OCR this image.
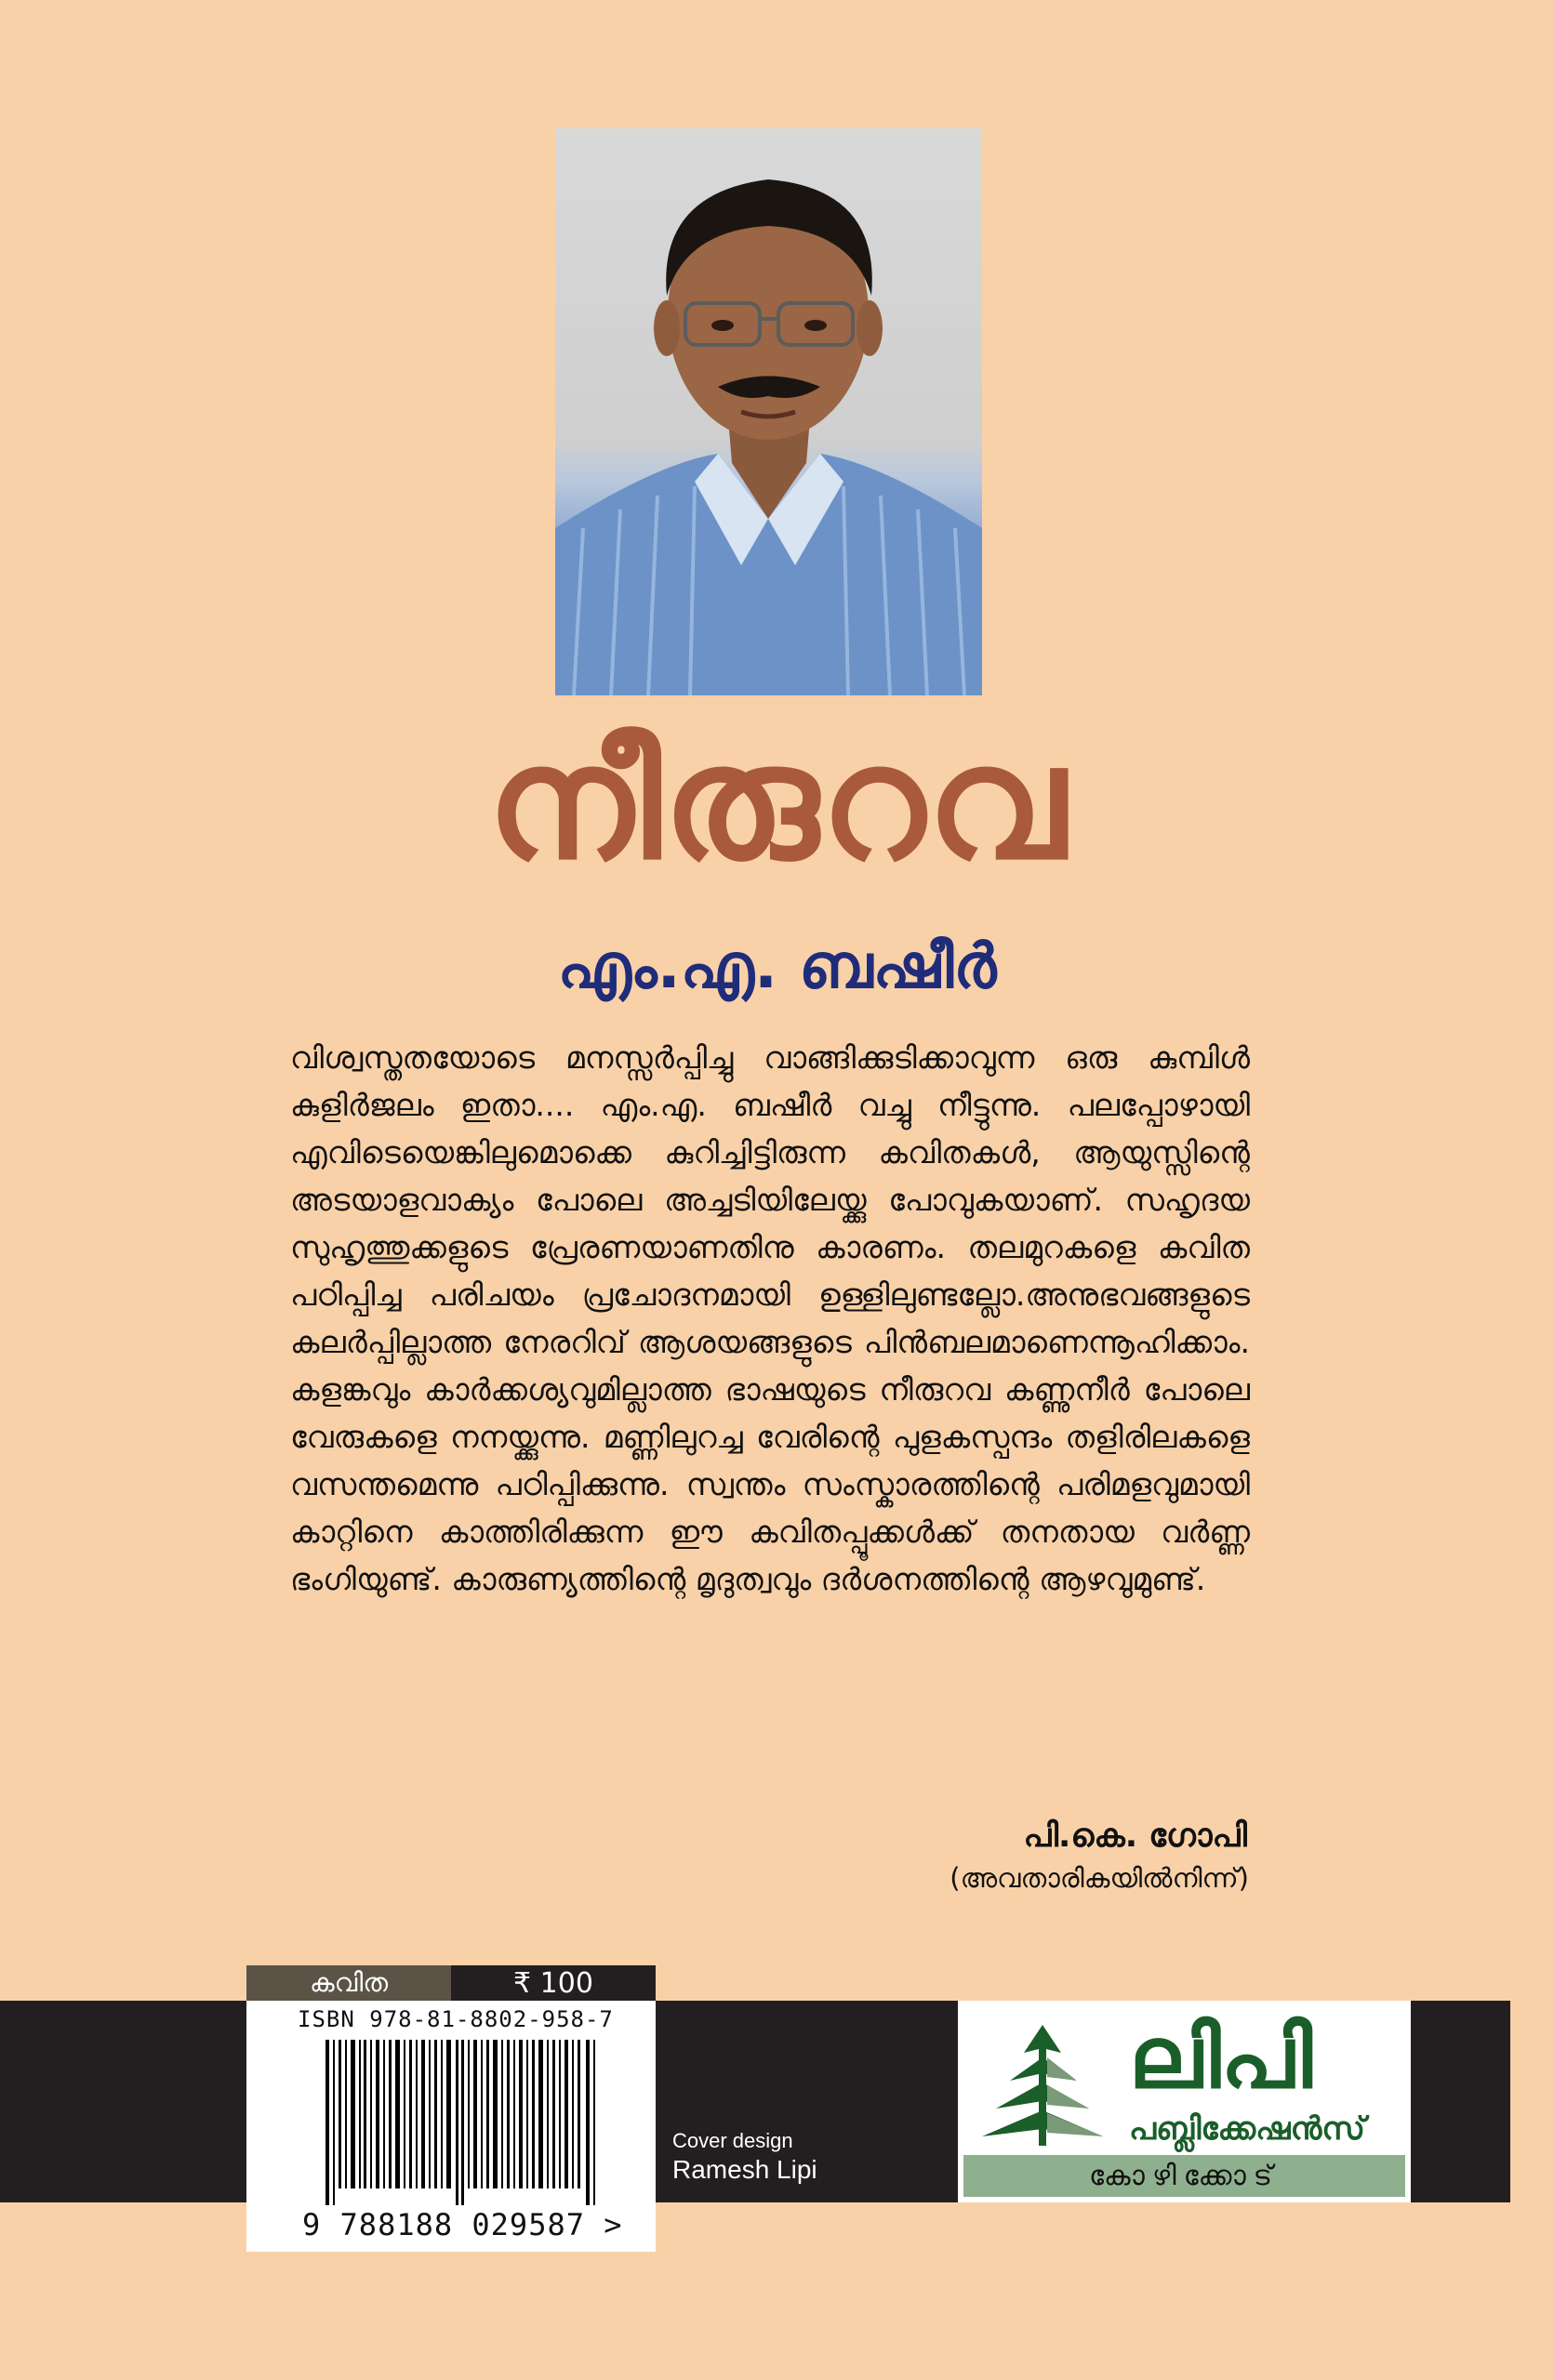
നീരുറവ
എം.എ. ബഷീർ
വിശ്വസ്തതയോടെ മനസ്സർപ്പിച്ചു വാങ്ങിക്കുടിക്കാവുന്ന ഒരു കുമ്പിൾ കുളിർജലം ഇതാ.... എം.എ. ബഷീർ വച്ചു നീട്ടുന്നു. പലപ്പോഴായി എവിടെയെങ്കിലുമൊക്കെ കുറിച്ചിട്ടിരുന്ന കവിതകൾ, ആയുസ്സിന്റെ അടയാളവാക്യം പോലെ അച്ചടിയിലേയ്ക്കു പോവുകയാണ്. സഹൃദയ സുഹൃത്തുക്കളുടെ പ്രേരണയാണതിനു കാരണം. തലമുറകളെ കവിത പഠിപ്പിച്ച പരിചയം പ്രചോദനമായി ഉള്ളിലുണ്ടല്ലോ.അനുഭവങ്ങളുടെ കലർപ്പില്ലാത്ത നേരറിവ് ആശയങ്ങളുടെ പിൻബലമാണെന്നൂഹിക്കാം. കളങ്കവും കാർക്കശ്യവുമില്ലാത്ത ഭാഷയുടെ നീരുറവ കണ്ണുനീർ പോലെ വേരുകളെ നനയ്ക്കുന്നു. മണ്ണിലുറച്ച വേരിന്റെ പുളകസ്പന്ദം തളിരിലകളെ വസന്തമെന്നു പഠിപ്പിക്കുന്നു. സ്വന്തം സംസ്കാരത്തിന്റെ പരിമളവുമായി കാറ്റിനെ കാത്തിരിക്കുന്ന ഈ കവിതപ്പൂക്കൾക്ക് തനതായ വർണ്ണ ഭംഗിയുണ്ട്. കാരുണ്യത്തിന്റെ മൃദുത്വവും ദർശനത്തിന്റെ ആഴവുമുണ്ട്.
പി.കെ. ഗോപി
(അവതാരികയിൽനിന്ന്)
കവിത	₹ 100
ISBN 978-81-8802-958-7
9 788188 029587 >
Cover design
Ramesh Lipi
ലിപി
പബ്ലിക്കേഷൻസ്
കോഴിക്കോട്
